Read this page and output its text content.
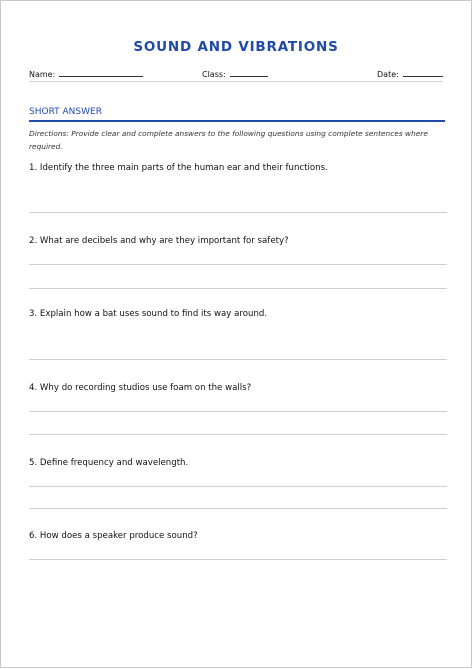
SOUND AND VIBRATIONS
Name:	Class:	Date:
SHORT ANSWER
Directions: Provide clear and complete answers to the following questions using complete sentences where required.
1. Identify the three main parts of the human ear and their functions.
2. What are decibels and why are they important for safety?
3. Explain how a bat uses sound to find its way around.
4. Why do recording studios use foam on the walls?
5. Define frequency and wavelength.
6. How does a speaker produce sound?
